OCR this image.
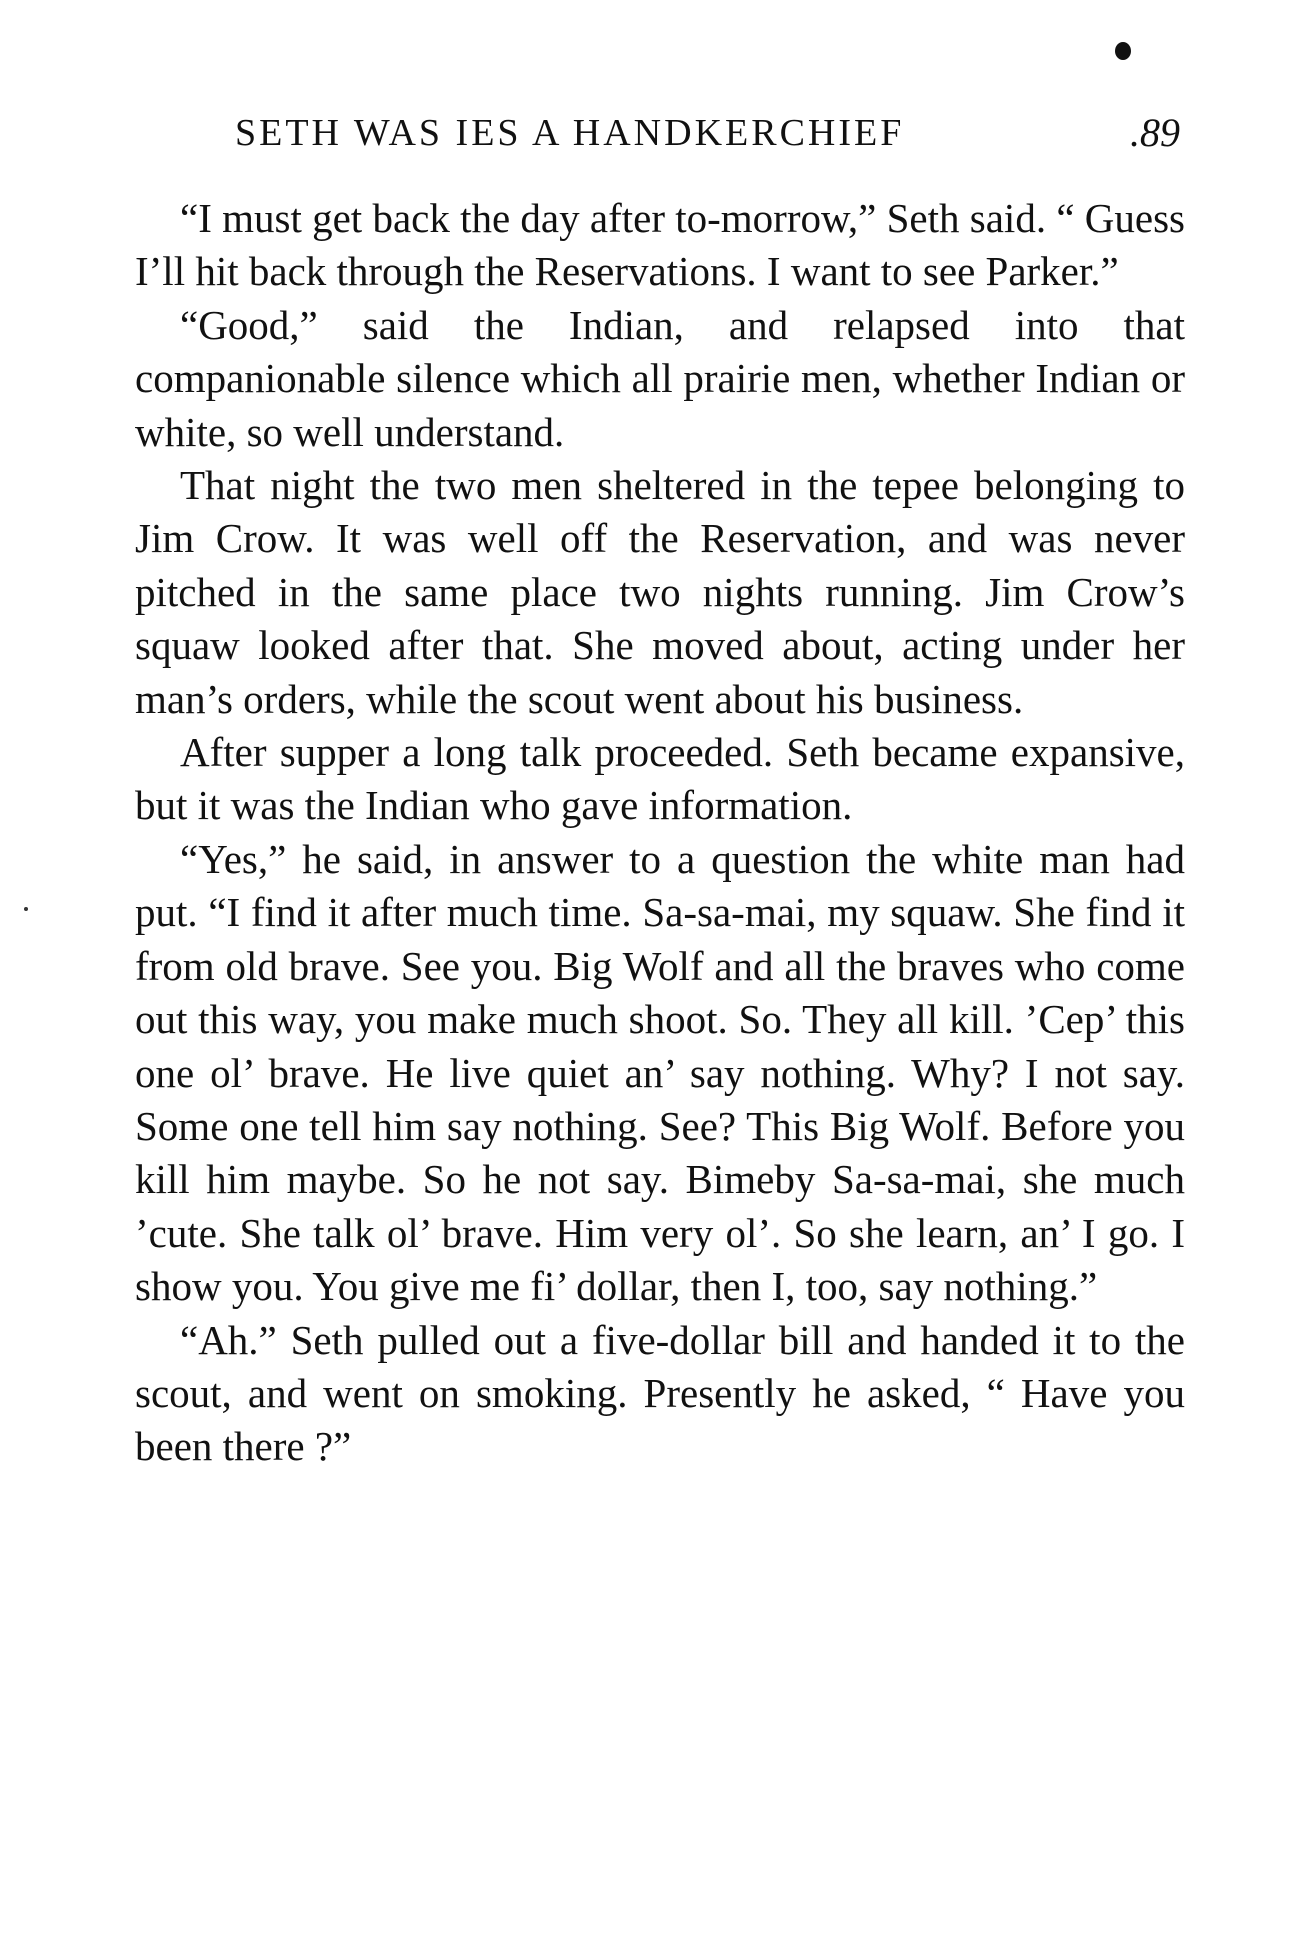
SETH WAS IES A HANDKERCHIEF	.89

“I must get back the day after to-morrow,” Seth said. “ Guess I’ll hit back through the Reservations. I want to see Parker.”

“Good,” said the Indian, and relapsed into that companionable silence which all prairie men, whether Indian or white, so well understand.

That night the two men sheltered in the tepee belonging to Jim Crow. It was well off the Reservation, and was never pitched in the same place two nights running. Jim Crow’s squaw looked after that. She moved about, acting under her man’s orders, while the scout went about his business.

After supper a long talk proceeded. Seth became expansive, but it was the Indian who gave information.

“Yes,” he said, in answer to a question the white man had put. “I find it after much time. Sa-sa-mai, my squaw. She find it from old brave. See you. Big Wolf and all the braves who come out this way, you make much shoot. So. They all kill. ’Cep’ this one ol’ brave. He live quiet an’ say nothing. Why? I not say. Some one tell him say nothing. See? This Big Wolf. Before you kill him maybe. So he not say. Bimeby Sa-sa-mai, she much ’cute. She talk ol’ brave. Him very ol’. So she learn, an’ I go. I show you. You give me fi’ dollar, then I, too, say nothing.”

“Ah.” Seth pulled out a five-dollar bill and handed it to the scout, and went on smoking. Presently he asked, “ Have you been there ?”
